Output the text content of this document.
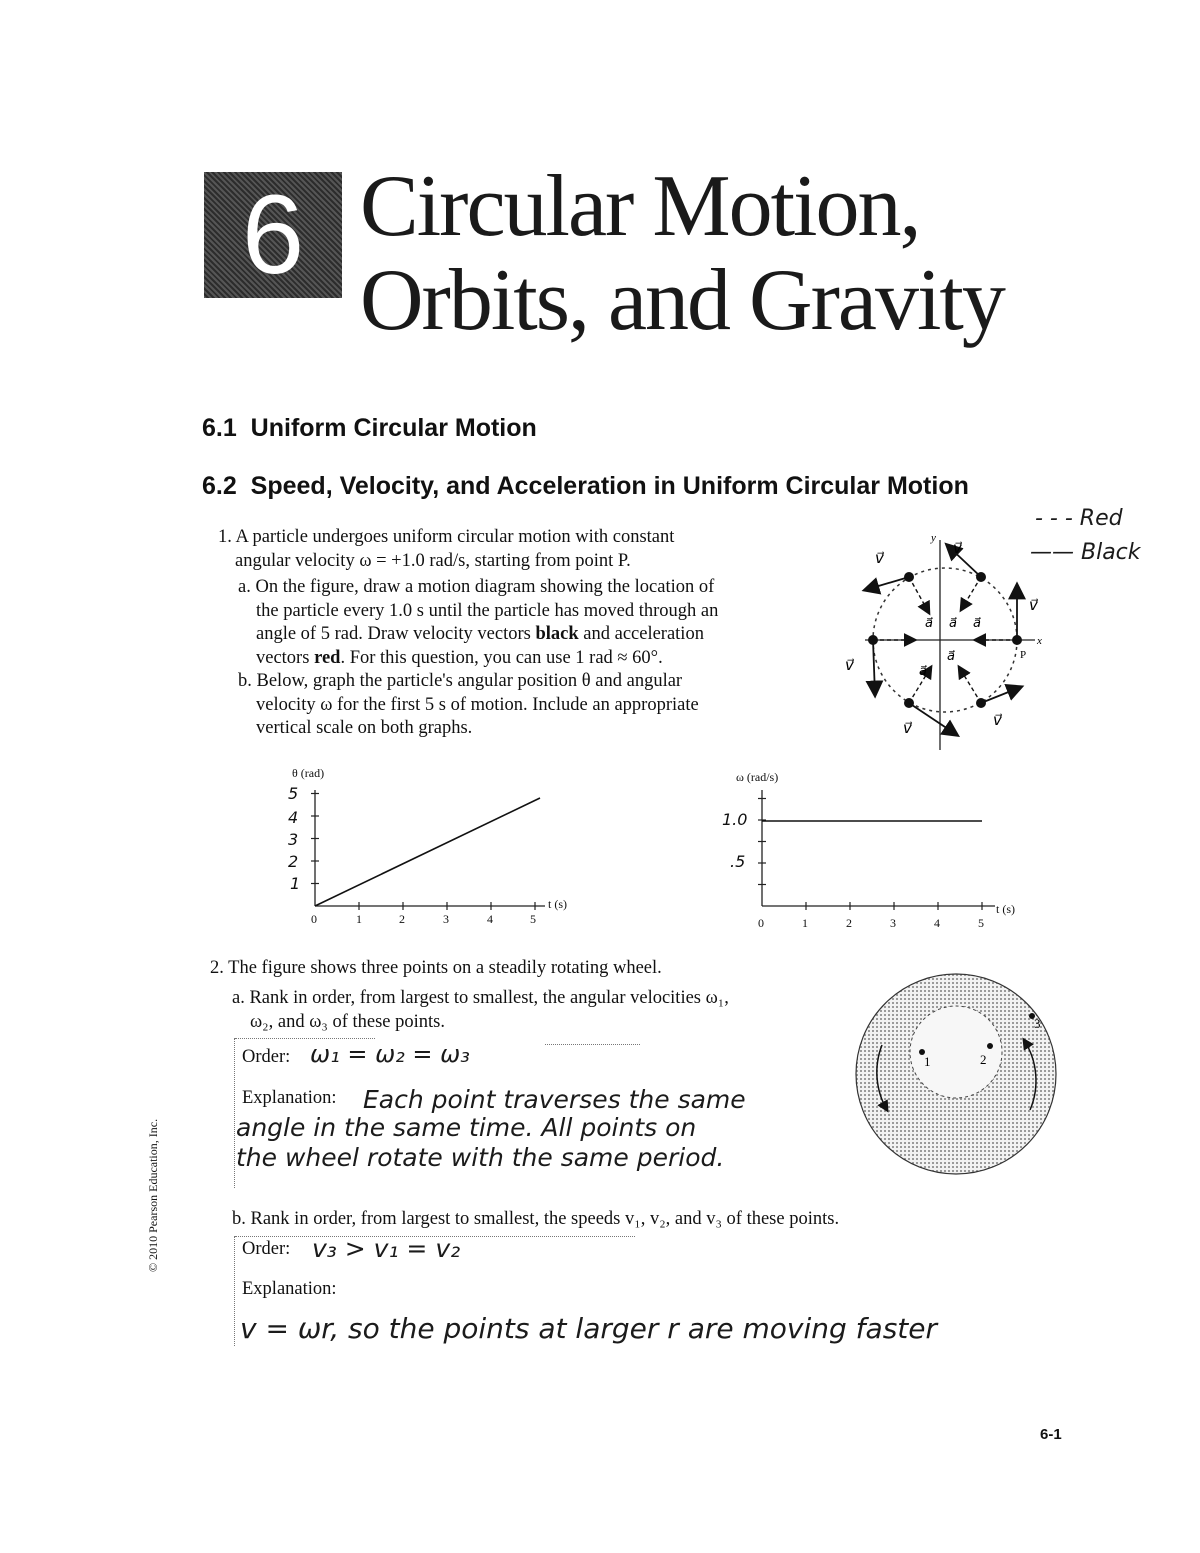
6 Circular Motion,
Orbits, and Gravity
6.1 Uniform Circular Motion
6.2 Speed, Velocity, and Acceleration in Uniform Circular Motion
- - - Red
—— Black
1. A particle undergoes uniform circular motion with constant
angular velocity ω = +1.0 rad/s, starting from point P.
a. On the figure, draw a motion diagram showing the location of
the particle every 1.0 s until the particle has moved through an
angle of 5 rad. Draw velocity vectors black and acceleration
vectors red. For this question, you can use 1 rad ≈ 60°.
b. Below, graph the particle's angular position θ and angular
velocity ω for the first 5 s of motion. Include an appropriate
vertical scale on both graphs.
x
y
P
v⃗
v⃗
v⃗
v⃗
v⃗	v⃗
a⃗ a⃗ a⃗
a⃗
a⃗
θ (rad)
t (s)
0	1	2	3	4	5
5
4
3
2
1
ω (rad/s)
t (s)
0	1	2	3	4	5
1.0
.5
2. The figure shows three points on a steadily rotating wheel.
a. Rank in order, from largest to smallest, the angular velocities ω₁,
ω₂, and ω₃ of these points.
Order: ω₁ = ω₂ = ω₃
Explanation: Each point traverses the same
angle in the same time. All points on
the wheel rotate with the same period.
1	2
3
b. Rank in order, from largest to smallest, the speeds v₁, v₂, and v₃ of these points.
Order: v₃ > v₁ = v₂
Explanation:
v = ωr, so the points at larger r are moving faster
© 2010 Pearson Education, Inc.
6-1
